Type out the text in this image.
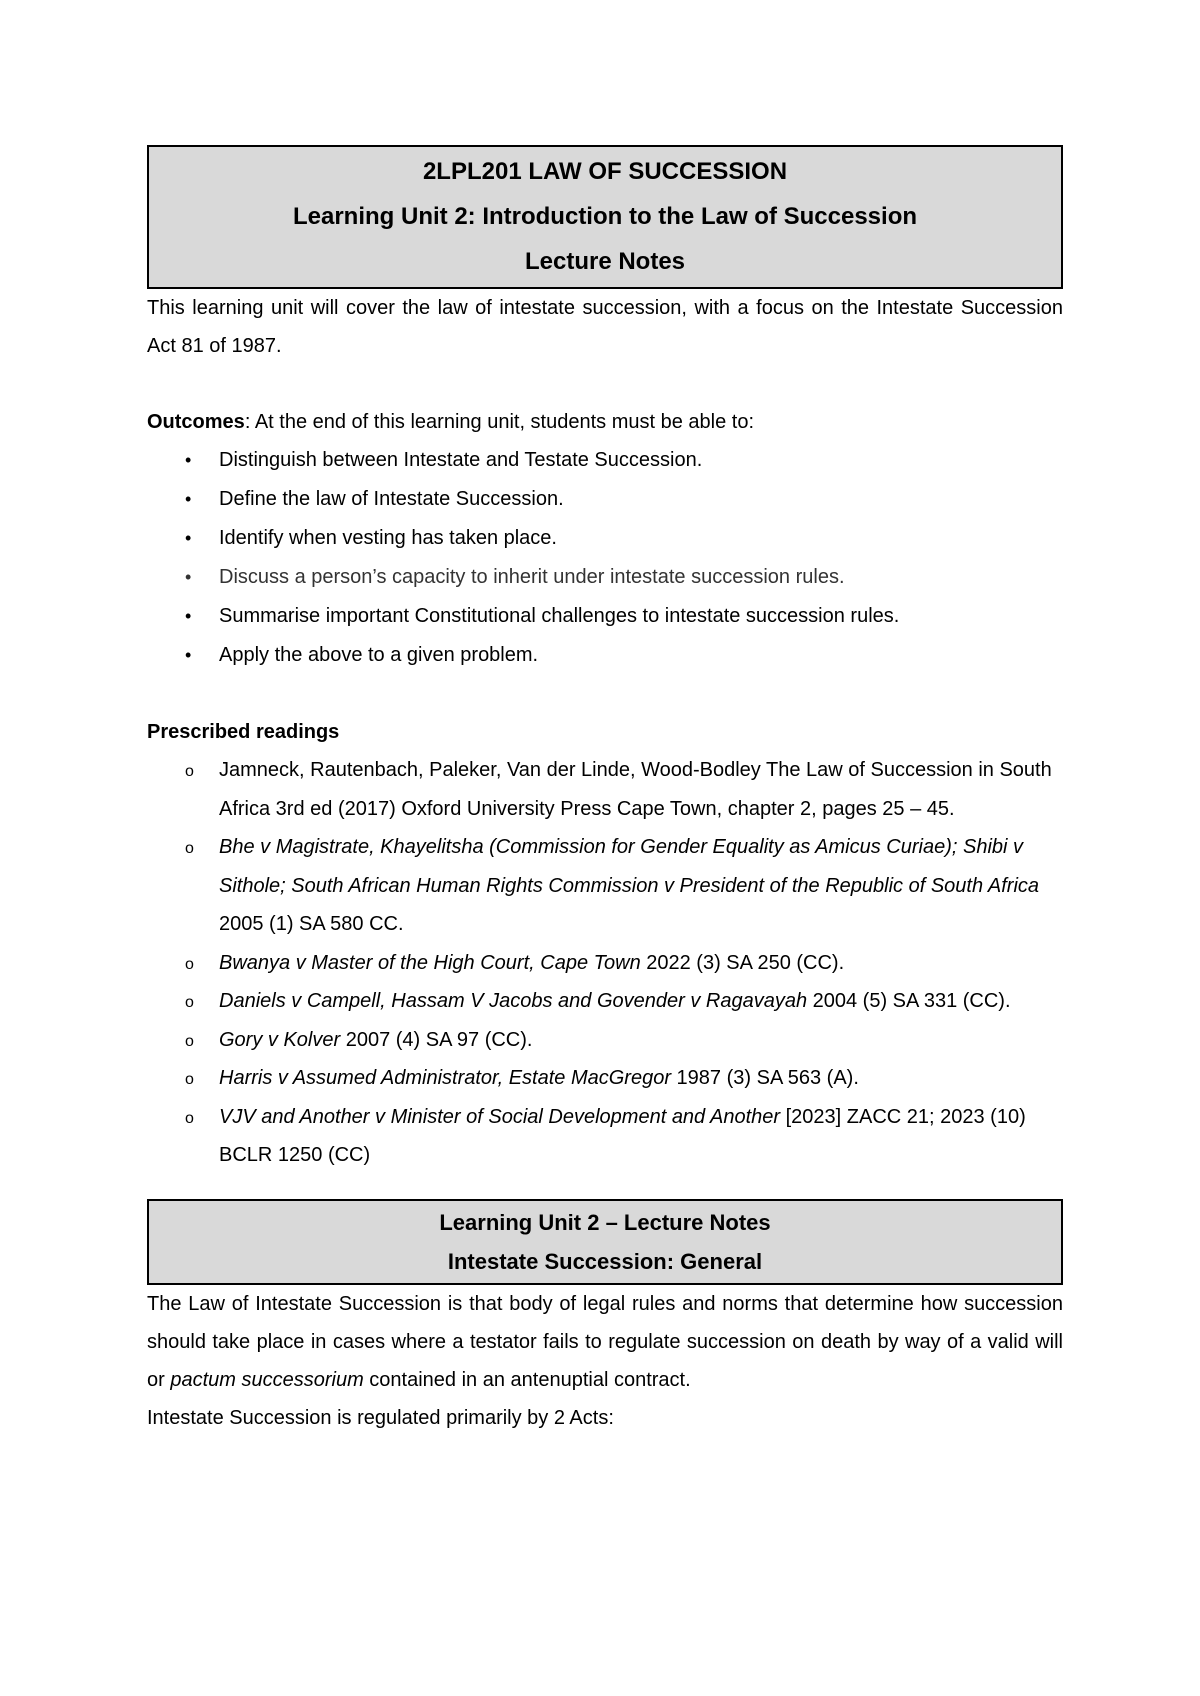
2LPL201 LAW OF SUCCESSION
Learning Unit 2: Introduction to the Law of Succession
Lecture Notes

This learning unit will cover the law of intestate succession, with a focus on the Intestate Succession Act 81 of 1987.

Outcomes: At the end of this learning unit, students must be able to:

• Distinguish between Intestate and Testate Succession.
• Define the law of Intestate Succession.
• Identify when vesting has taken place.
• Discuss a person’s capacity to inherit under intestate succession rules.
• Summarise important Constitutional challenges to intestate succession rules.
• Apply the above to a given problem.

Prescribed readings

o Jamneck, Rautenbach, Paleker, Van der Linde, Wood-Bodley The Law of Succession in South Africa 3rd ed (2017) Oxford University Press Cape Town, chapter 2, pages 25 – 45.
o Bhe v Magistrate, Khayelitsha (Commission for Gender Equality as Amicus Curiae); Shibi v Sithole; South African Human Rights Commission v President of the Republic of South Africa 2005 (1) SA 580 CC.
o Bwanya v Master of the High Court, Cape Town 2022 (3) SA 250 (CC).
o Daniels v Campell, Hassam V Jacobs and Govender v Ragavayah 2004 (5) SA 331 (CC).
o Gory v Kolver 2007 (4) SA 97 (CC).
o Harris v Assumed Administrator, Estate MacGregor 1987 (3) SA 563 (A).
o VJV and Another v Minister of Social Development and Another [2023] ZACC 21; 2023 (10) BCLR 1250 (CC)
Learning Unit 2 – Lecture Notes
Intestate Succession: General

The Law of Intestate Succession is that body of legal rules and norms that determine how succession should take place in cases where a testator fails to regulate succession on death by way of a valid will or pactum successorium contained in an antenuptial contract.

Intestate Succession is regulated primarily by 2 Acts:
